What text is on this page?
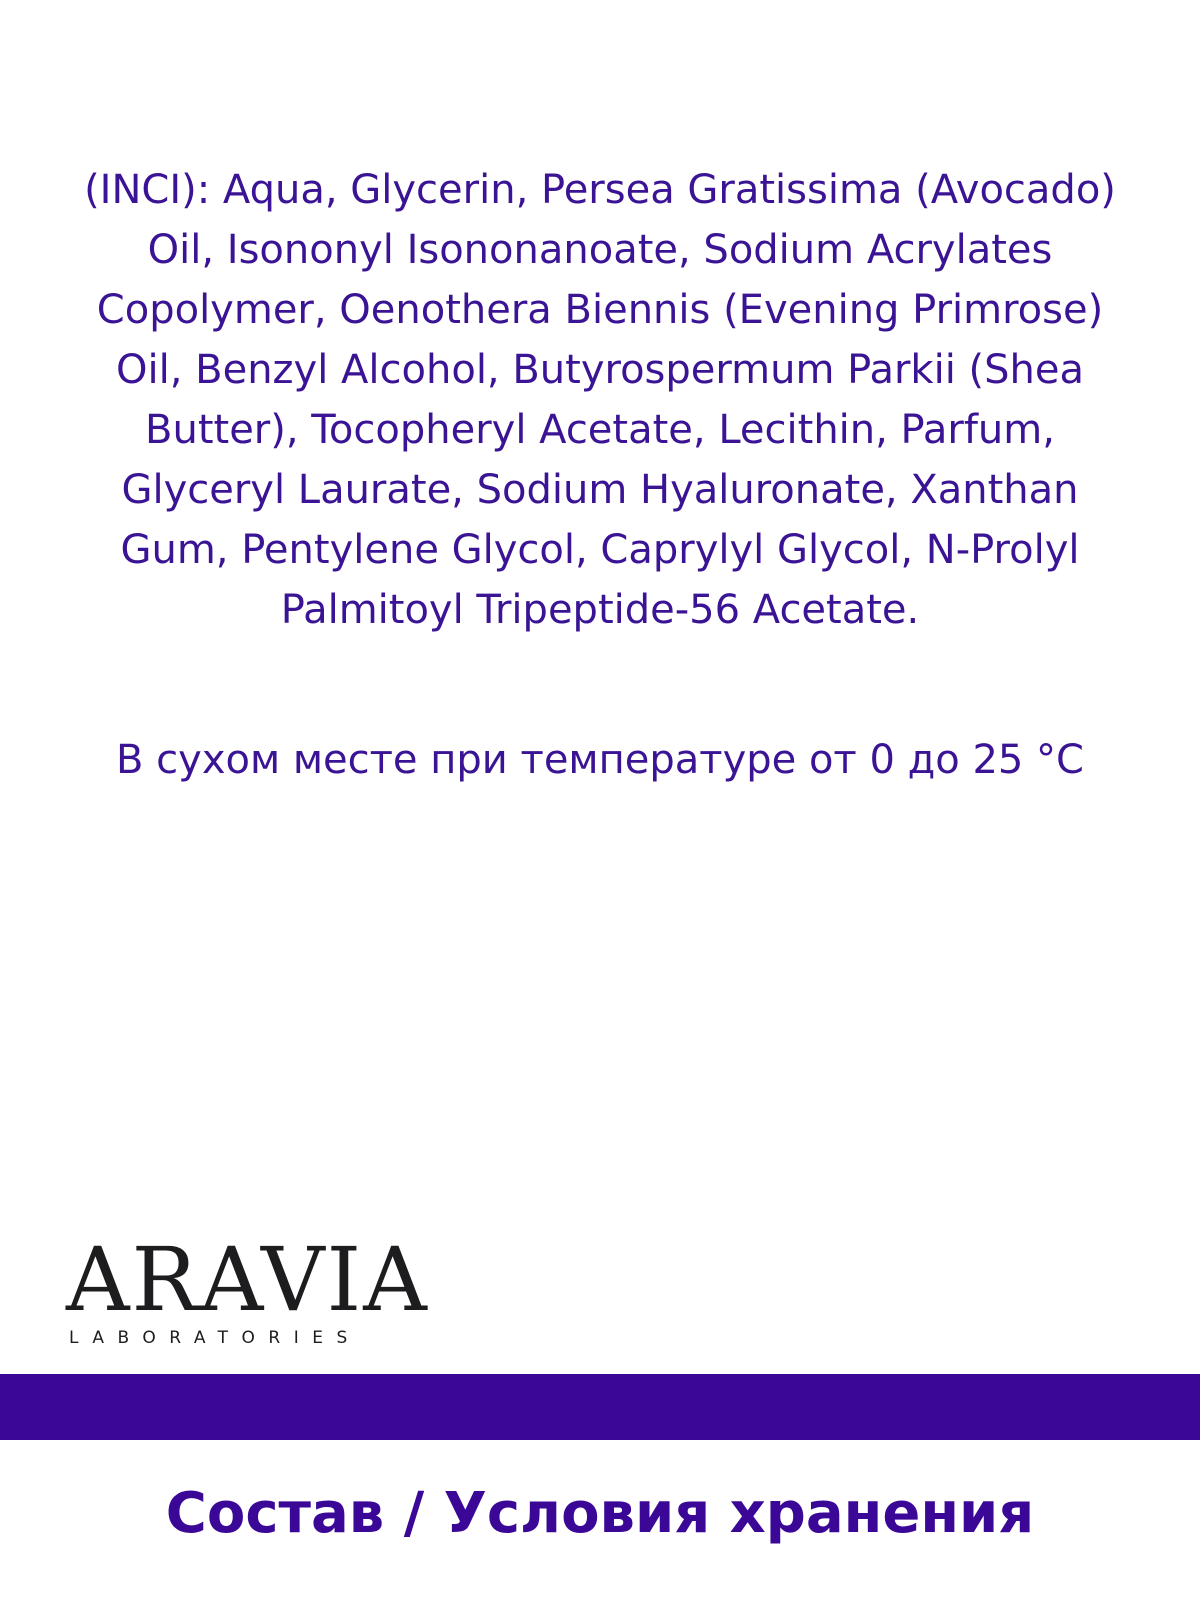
(INCI): Aqua, Glycerin, Persea Gratissima (Avocado)
Oil, Isononyl Isononanoate, Sodium Acrylates
Copolymer, Oenothera Biennis (Evening Primrose)
Oil, Benzyl Alcohol, Butyrospermum Parkii (Shea
Butter), Tocopheryl Acetate, Lecithin, Parfum,
Glyceryl Laurate, Sodium Hyaluronate, Xanthan
Gum, Pentylene Glycol, Caprylyl Glycol, N-Prolyl
Palmitoyl Tripeptide-56 Acetate.
В сухом месте при температуре от 0 до 25 °С
ARAVIA
LABORATORIES
Состав / Условия хранения
